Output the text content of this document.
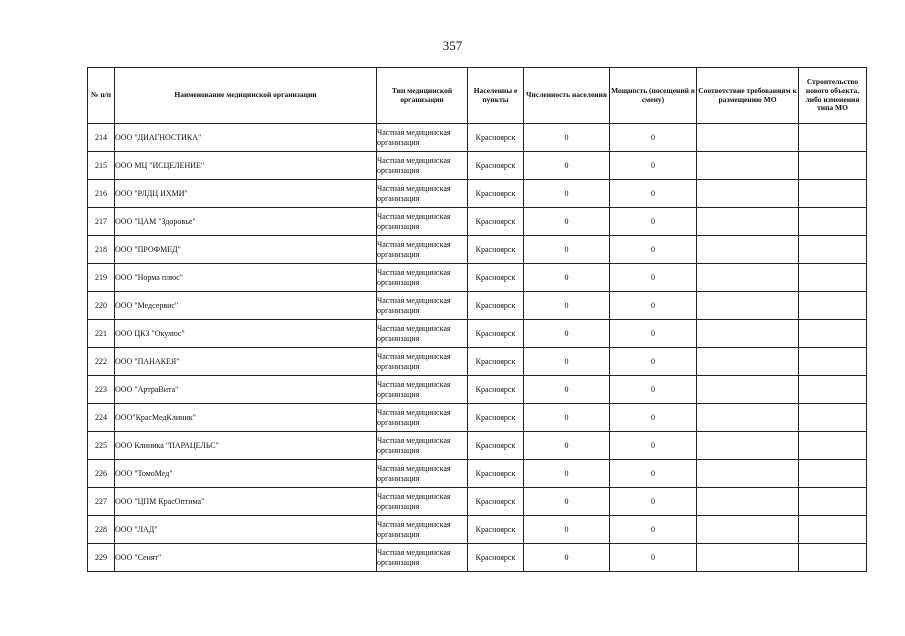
357
№ п/п	Наименование медицинской организации	Тип медицинской организации	Населенны е пункты	Численность населения	Мощность (посещений в смену)	Соответствие требованиям к размещению МО	Строительство нового объекта, либо изменения типа МО
214	ООО "ДИАГНОСТИКА"	Частная медицинская организация	Красноярск	0	0		
215	ООО МЦ "ИСЦЕЛЕНИЕ"	Частная медицинская организация	Красноярск	0	0		
216	ООО "РЛДЦ ИХМИ"	Частная медицинская организация	Красноярск	0	0		
217	ООО "ЦАМ "Здоровье"	Частная медицинская организация	Красноярск	0	0		
218	ООО "ПРОФМЕД"	Частная медицинская организация	Красноярск	0	0		
219	ООО "Норма плюс"	Частная медицинская организация	Красноярск	0	0		
220	ООО "Медсервис"	Частная медицинская организация	Красноярск	0	0		
221	ООО ЦКЗ "Окулюс"	Частная медицинская организация	Красноярск	0	0		
222	ООО "ПАНАКЕЯ"	Частная медицинская организация	Красноярск	0	0		
223	ООО "АртраВита"	Частная медицинская организация	Красноярск	0	0		
224	ООО"КрасМедКлиник"	Частная медицинская организация	Красноярск	0	0		
225	ООО Клиника "ПАРАЦЕЛЬС"	Частная медицинская организация	Красноярск	0	0		
226	ООО "ТомоМед"	Частная медицинская организация	Красноярск	0	0		
227	ООО "ЦПМ КрасОптима"	Частная медицинская организация	Красноярск	0	0		
228	ООО "ЛАД"	Частная медицинская организация	Красноярск	0	0		
229	ООО "Сенят"	Частная медицинская организация	Красноярск	0	0		
